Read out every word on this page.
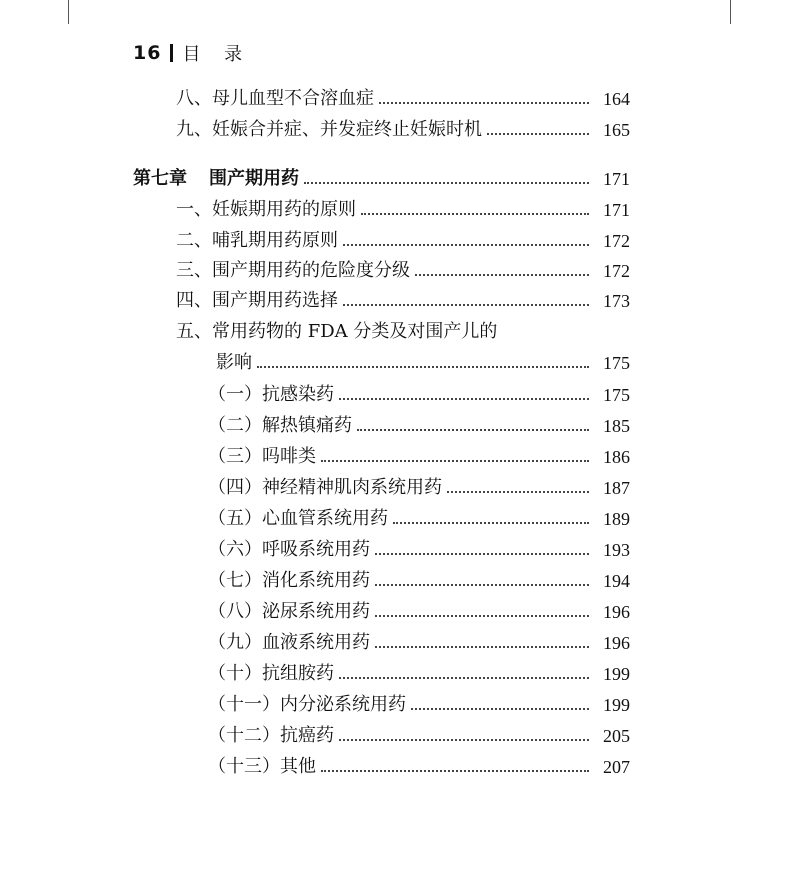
16 目 录
八、母儿血型不合溶血症	164
九、妊娠合并症、并发症终止妊娠时机	165
第七章 围产期用药	171
一、妊娠期用药的原则	171
二、哺乳期用药原则	172
三、围产期用药的危险度分级	172
四、围产期用药选择	173
五、常用药物的 FDA 分类及对围产儿的
影响	175
（一）抗感染药	175
（二）解热镇痛药	185
（三）吗啡类	186
（四）神经精神肌肉系统用药	187
（五）心血管系统用药	189
（六）呼吸系统用药	193
（七）消化系统用药	194
（八）泌尿系统用药	196
（九）血液系统用药	196
（十）抗组胺药	199
（十一）内分泌系统用药	199
（十二）抗癌药	205
（十三）其他	207
